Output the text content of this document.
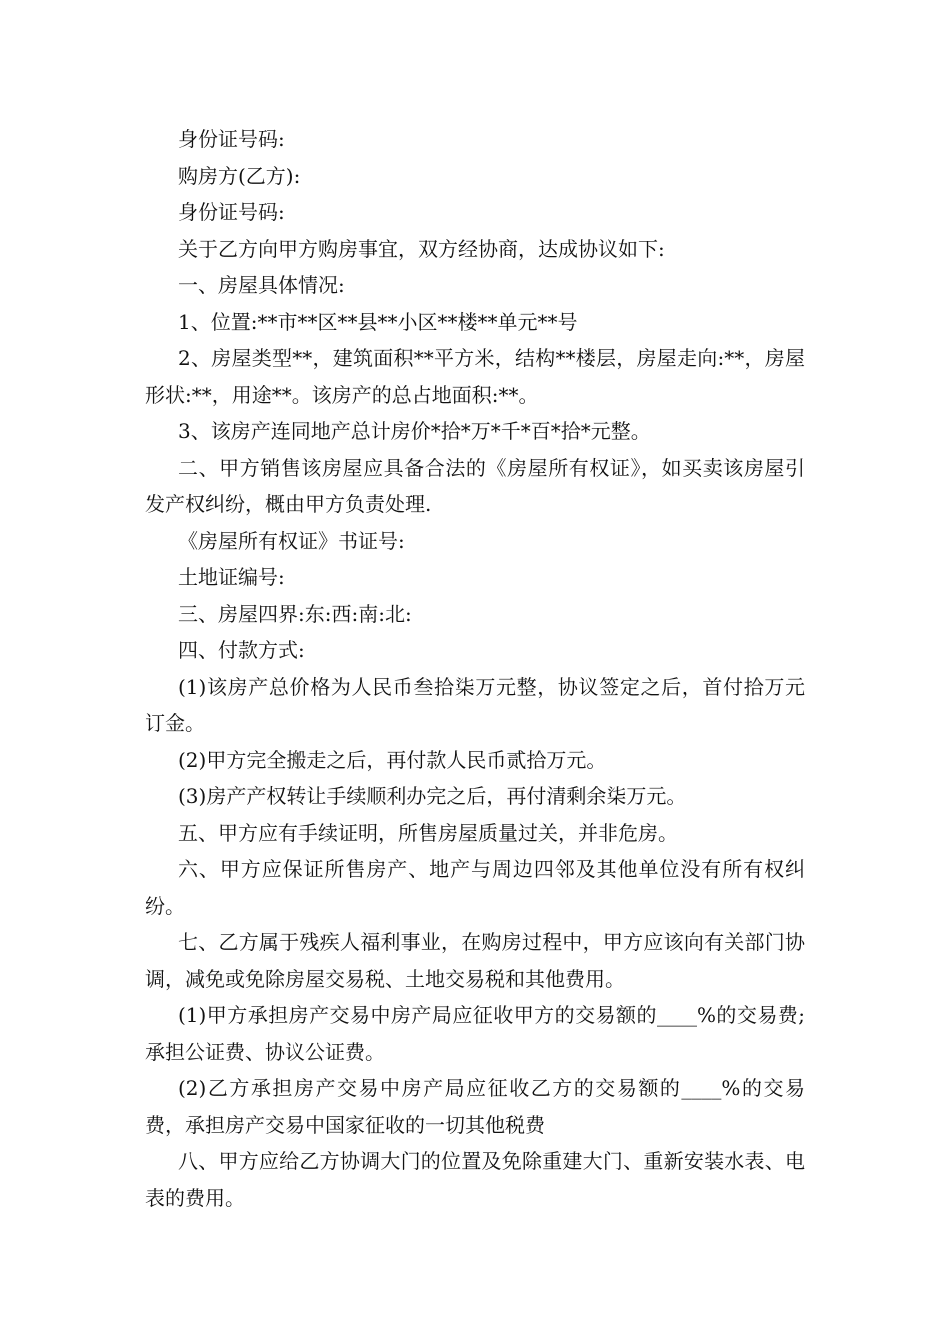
身份证号码:

购房方(乙方):

身份证号码:

关于乙方向甲方购房事宜，双方经协商，达成协议如下:

一、房屋具体情况:

1、位置:**市**区**县**小区**楼**单元**号

2、房屋类型**，建筑面积**平方米，结构**楼层，房屋走向:**，房屋形状:**，用途**。该房产的总占地面积:**。

3、该房产连同地产总计房价*拾*万*千*百*拾*元整。

二、甲方销售该房屋应具备合法的《房屋所有权证》，如买卖该房屋引发产权纠纷，概由甲方负责处理.

《房屋所有权证》书证号:

土地证编号:

三、房屋四界:东:西:南:北:

四、付款方式:

(1)该房产总价格为人民币叁拾柒万元整，协议签定之后，首付拾万元订金。

(2)甲方完全搬走之后，再付款人民币贰拾万元。

(3)房产产权转让手续顺利办完之后，再付清剩余柒万元。

五、甲方应有手续证明，所售房屋质量过关，并非危房。

六、甲方应保证所售房产、地产与周边四邻及其他单位没有所有权纠纷。

七、乙方属于残疾人福利事业，在购房过程中，甲方应该向有关部门协调，减免或免除房屋交易税、土地交易税和其他费用。

(1)甲方承担房产交易中房产局应征收甲方的交易额的____%的交易费;承担公证费、协议公证费。

(2)乙方承担房产交易中房产局应征收乙方的交易额的____%的交易费，承担房产交易中国家征收的一切其他税费

八、甲方应给乙方协调大门的位置及免除重建大门、重新安装水表、电表的费用。
